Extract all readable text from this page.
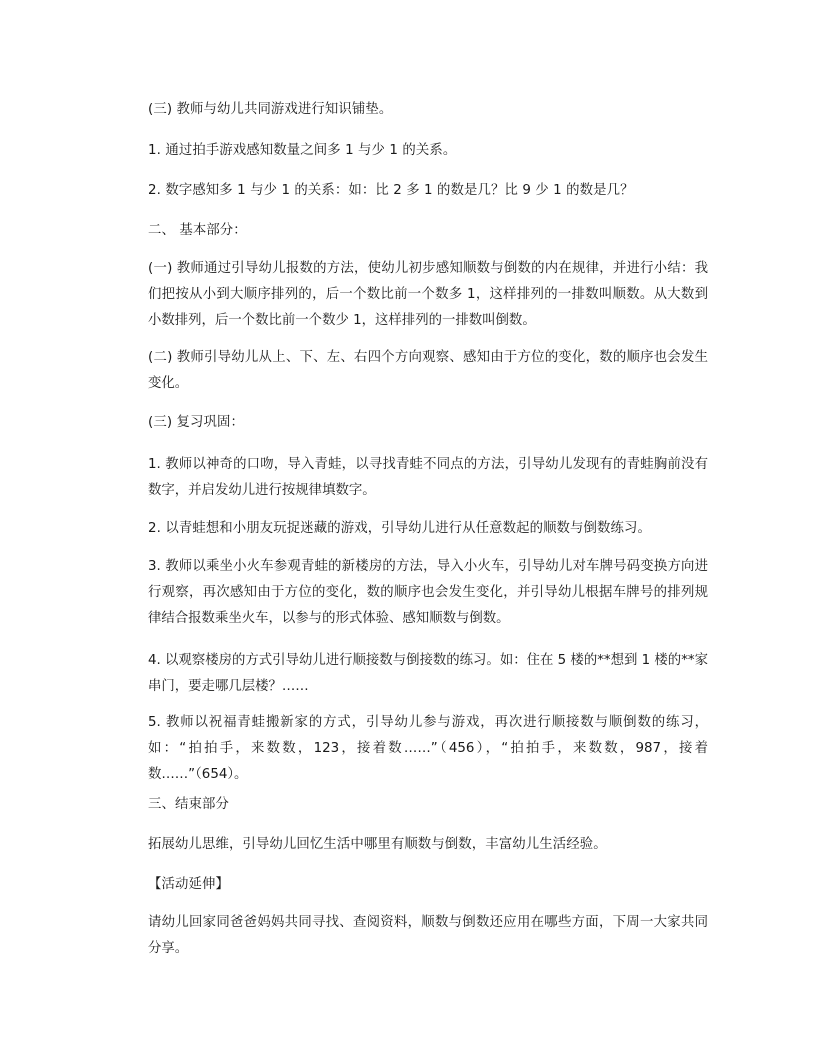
(三) 教师与幼儿共同游戏进行知识铺垫。
1. 通过拍手游戏感知数量之间多 1 与少 1 的关系。
2. 数字感知多 1 与少 1 的关系：如：比 2 多 1 的数是几？比 9 少 1 的数是几？
二、 基本部分：
(一) 教师通过引导幼儿报数的方法，使幼儿初步感知顺数与倒数的内在规律，并进行小结：我们把按从小到大顺序排列的，后一个数比前一个数多 1，这样排列的一排数叫顺数。从大数到小数排列，后一个数比前一个数少 1，这样排列的一排数叫倒数。
(二) 教师引导幼儿从上、下、左、右四个方向观察、感知由于方位的变化，数的顺序也会发生变化。
(三) 复习巩固：
1. 教师以神奇的口吻，导入青蛙，以寻找青蛙不同点的方法，引导幼儿发现有的青蛙胸前没有数字，并启发幼儿进行按规律填数字。
2. 以青蛙想和小朋友玩捉迷藏的游戏，引导幼儿进行从任意数起的顺数与倒数练习。
3. 教师以乘坐小火车参观青蛙的新楼房的方法，导入小火车，引导幼儿对车牌号码变换方向进行观察，再次感知由于方位的变化，数的顺序也会发生变化，并引导幼儿根据车牌号的排列规律结合报数乘坐火车，以参与的形式体验、感知顺数与倒数。
4. 以观察楼房的方式引导幼儿进行顺接数与倒接数的练习。如：住在 5 楼的**想到 1 楼的**家串门，要走哪几层楼？……
5. 教师以祝福青蛙搬新家的方式，引导幼儿参与游戏，再次进行顺接数与顺倒数的练习，如：“拍拍手，来数数，123，接着数……”（456），“拍拍手，来数数，987，接着数……”（654）。
三、结束部分
拓展幼儿思维，引导幼儿回忆生活中哪里有顺数与倒数，丰富幼儿生活经验。
【活动延伸】
请幼儿回家同爸爸妈妈共同寻找、查阅资料，顺数与倒数还应用在哪些方面，下周一大家共同分享。
